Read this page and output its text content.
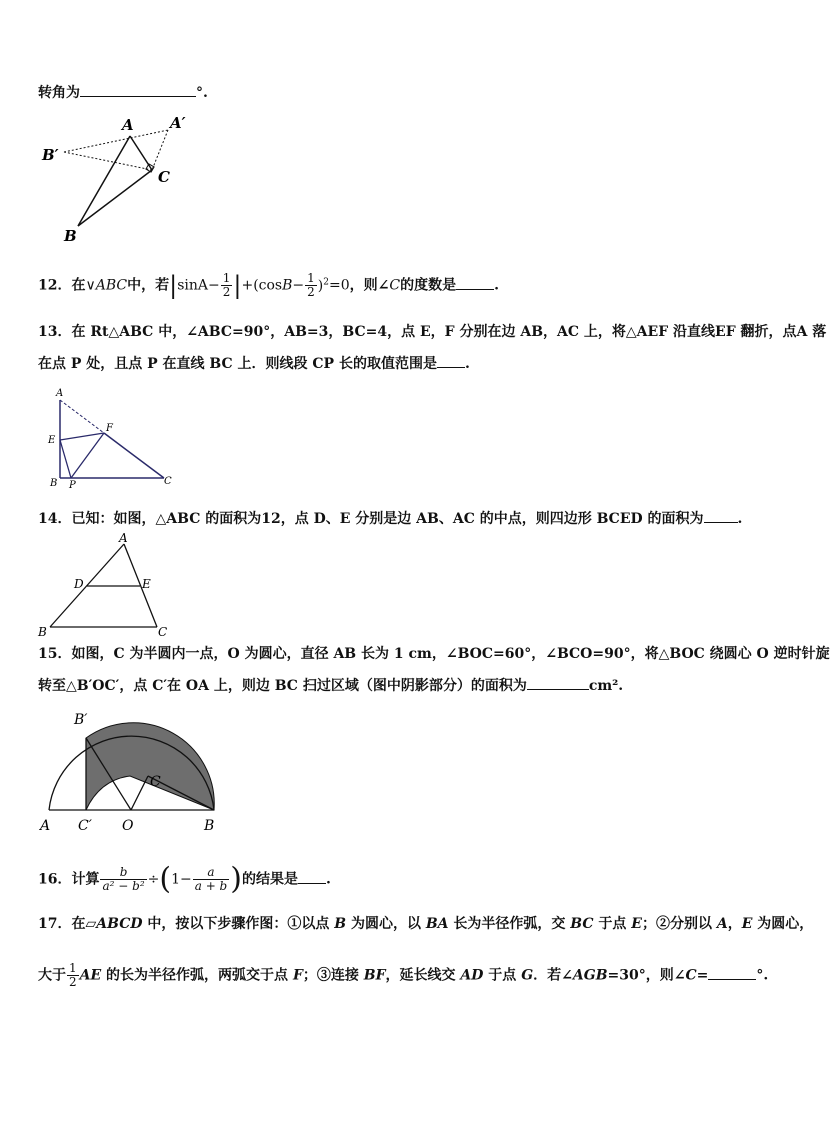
转角为	°.
A A′
B′
C
B
12．在∨ABC中，若$|\sin A- \frac{1}{2} |+(\cos B- \frac{1}{2} )^2=0$，则∠C的度数是	.
13．在 Rt△ABC 中，∠ABC=90°，AB=3，BC=4，点 E，F 分别在边 AB，AC 上，将△AEF 沿直线EF 翻折，点A 落
在点 P 处，且点 P 在直线 BC 上．则线段 CP 长的取值范围是 .
A
E
F
B P	C
14．已知：如图，△ABC 的面积为12，点 D、E 分别是边 AB、AC 的中点，则四边形 BCED 的面积为 .
A
D	E
B	C
15．如图，C 为半圆内一点，O 为圆心，直径 AB 长为 1 cm，∠BOC=60°，∠BCO=90°，将△BOC 绕圆心 O 逆时针旋
转至△B′OC′，点 C′在 OA 上，则边 BC 扫过区域（图中阴影部分）的面积为	cm².
B′
C
A C′ O	B
16．计算 $\frac{b}{\text{a² − b²}} \div(1- \frac{a}{a + b}$ )的结果是 .
17．在▱ABCD 中，按以下步骤作图：①以点 B 为圆心，以 BA 长为半径作弧，交 BC 于点 E；②分别以 A，E 为圆心，
大于 $\frac{1}{2}$ AE 的长为半径作弧，两弧交于点 F；③连接 BF，延长线交 AD 于点 G．若∠AGB=30°，则∠C=	°.
